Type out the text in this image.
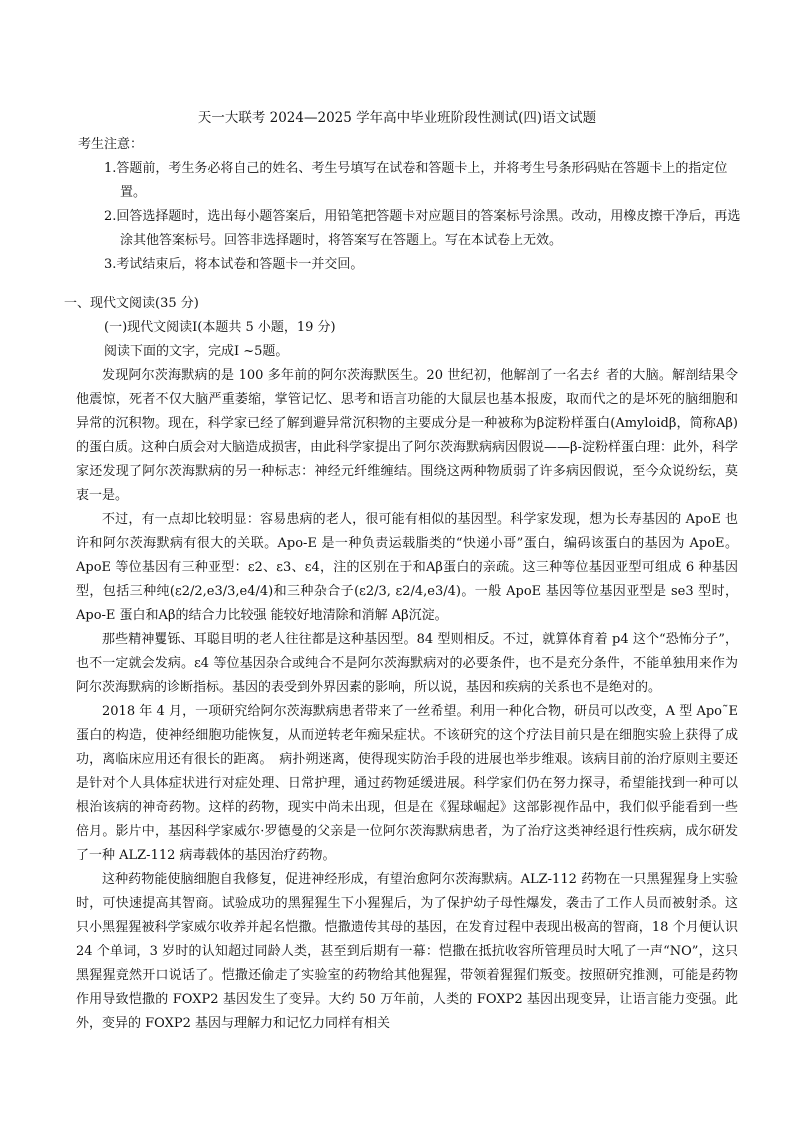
天一大联考 2024—2025 学年高中毕业班阶段性测试(四)语文试题
考生注意：
1.答题前，考生务必将自己的姓名、考生号填写在试卷和答题卡上，并将考生号条形码贴在答题卡上的指定位置。
2.回答选择题时，选出每小题答案后，用铅笔把答题卡对应题目的答案标号涂黑。改动，用橡皮擦干净后，再选涂其他答案标号。回答非选择题时，将答案写在答题上。写在本试卷上无效。
3.考试结束后，将本试卷和答题卡一并交回。
一、现代文阅读(35 分)
(一)现代文阅读Ⅰ(本题共 5 小题，19 分)
阅读下面的文字，完成Ⅰ ~5题。

发现阿尔茨海默病的是 100 多年前的阿尔茨海默医生。20 世纪初，他解剖了一名去纟者的大脑。解剖结果令他震惊，死者不仅大脑严重萎缩，掌管记忆、思考和语言功能的大鼠层也基本报废，取而代之的是坏死的脑细胞和异常的沉积物。现在，科学家已经了解到避异常沉积物的主要成分是一种被称为β淀粉样蛋白(Amyloidβ，简称Aβ)的蛋白质。这种白质会对大脑造成损害，由此科学家提出了阿尔茨海默病病因假说——β-淀粉样蛋白理：此外，科学家还发现了阿尔茨海默病的另一种标志：神经元纤维缠结。围绕这两种物质弱了许多病因假说，至今众说纷纭，莫衷一是。

不过，有一点却比较明显：容易患病的老人，很可能有相似的基因型。科学家发现，想为长寿基因的 ApoE 也许和阿尔茨海默病有很大的关联。Apo-E 是一种负责运载脂类的“快递小哥”蛋白，编码该蛋白的基因为 ApoE。ApoE 等位基因有三种亚型：ε2、ε3、ε4，注的区别在于和Aβ蛋白的亲疏。这三种等位基因亚型可组成 6 种基因型，包括三种纯(ε2/2,e3/3,e4/4)和三种杂合子(ε2/3, ε2/4,e3/4)。一般 ApoE 基因等位基因亚型是 se3 型时，Apo-E 蛋白和Aβ的结合力比较强 能较好地清除和消解 Aβ沉淀。

那些精神矍铄、耳聪目明的老人往往都是这种基因型。84 型则相反。不过，就算体育着 p4 这个“恐怖分子”，也不一定就会发病。ε4 等位基因杂合或纯合不是阿尔茨海默病对的必要条件，也不是充分条件，不能单独用来作为阿尔茨海默病的诊断指标。基因的表受到外界因素的影响，所以说，基因和疾病的关系也不是绝对的。

2018 年 4 月，一项研究给阿尔茨海默病患者带来了一丝希望。利用一种化合物，研员可以改变，A 型 Apo˜E 蛋白的构造，使神经细胞功能恢复，从而逆转老年痴呆症状。不该研究的这个疗法目前只是在细胞实验上获得了成功，离临床应用还有很长的距离。　病扑朔迷离，使得现实防治手段的进展也举步维艰。该病目前的治疗原则主要还是针对个人具体症状进行对症处理、日常护理，通过药物延缓进展。科学家们仍在努力探寻，希望能找到一种可以根治该病的神奇药物。这样的药物，现实中尚未出现，但是在《猩球崛起》这部影视作品中，我们似乎能看到一些倍月。影片中，基因科学家威尔·罗德曼的父亲是一位阿尔茨海默病患者，为了治疗这类神经退行性疾病，成尔研发了一种 ALZ-112 病毒载体的基因治疗药物。

这种药物能使脑细胞自我修复，促进神经形成，有望治愈阿尔茨海默病。ALZ-112 药物在一只黑猩猩身上实验时，可快速提高其智商。试验成功的黑猩猩生下小猩猩后，为了保护幼子母性爆发，袭击了工作人员而被射杀。这只小黑猩猩被科学家威尔收养并起名恺撒。恺撒遗传其母的基因，在发育过程中表现出极高的智商，18 个月便认识 24 个单词，3 岁时的认知超过同龄人类，甚至到后期有一幕：恺撒在抵抗收容所管理员时大吼了一声“NO”，这只黑猩猩竟然开口说话了。恺撒还偷走了实验室的药物给其他猩猩，带领着猩猩们叛变。按照研究推测，可能是药物作用导致恺撒的 FOXP2 基因发生了变异。大约 50 万年前，人类的 FOXP2 基因出现变异，让语言能力变强。此外，变异的 FOXP2 基因与理解力和记忆力同样有相关
